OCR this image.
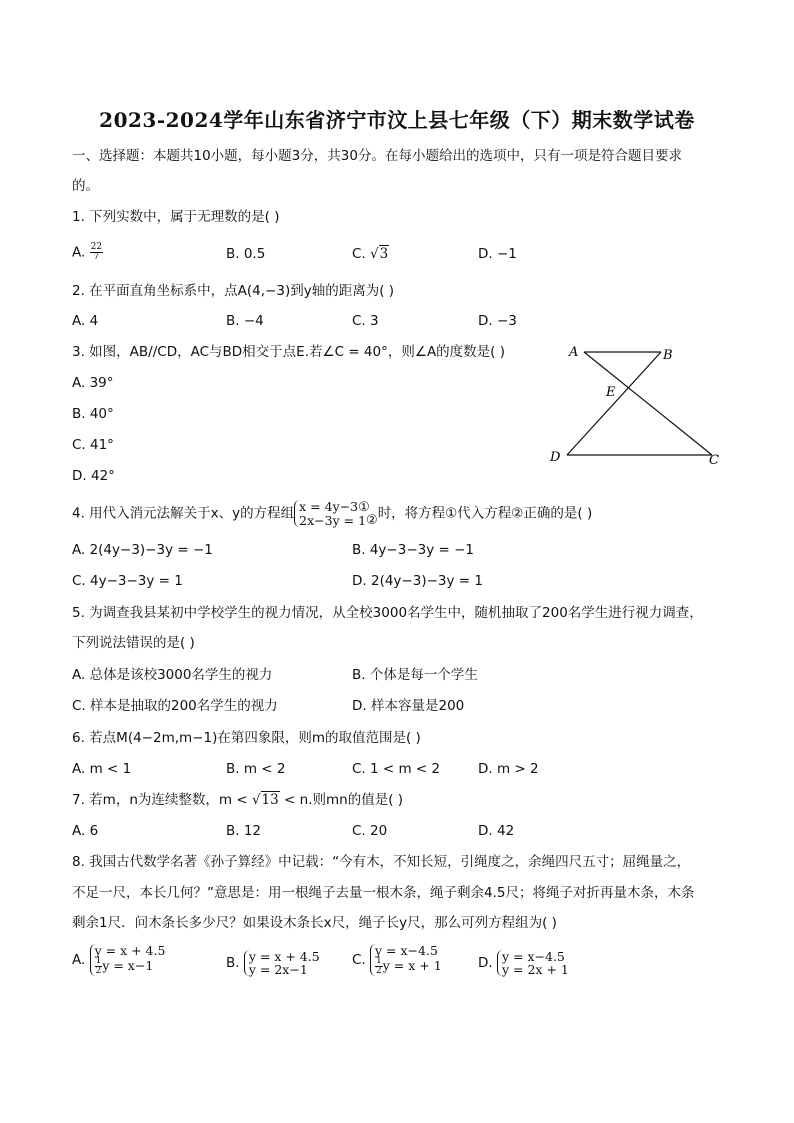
2023-2024学年山东省济宁市汶上县七年级（下）期末数学试卷
一、选择题：本题共10小题，每小题3分，共30分。在每小题给出的选项中，只有一项是符合题目要求
的。
1. 下列实数中，属于无理数的是( )
A. $\frac{22}{7}$	B. 0.5	C. √3	D. −1
2. 在平面直角坐标系中，点A(4,−3)到y轴的距离为( )
A. 4	B. −4	C. 3	D. −3
3. 如图，AB//CD，AC与BD相交于点E.若∠C = 40°，则∠A的度数是( )
A. 39°
B. 40°
C. 41°
D. 42°
A	B
E
D	C
4. 用代入消元法解关于x、y的方程组 x = 4y−3①
2x−3y = 1② 时，将方程①代入方程②正确的是( )
A. 2(4y−3)−3y = −1	B. 4y−3−3y = −1
C. 4y−3−3y = 1	D. 2(4y−3)−3y = 1
5. 为调查我县某初中学校学生的视力情况，从全校3000名学生中，随机抽取了200名学生进行视力调查，
下列说法错误的是( )
A. 总体是该校3000名学生的视力	B. 个体是每一个学生
C. 样本是抽取的200名学生的视力	D. 样本容量是200
6. 若点M(4−2m,m−1)在第四象限，则m的取值范围是( )
A. m < 1	B. m < 2	C. 1 < m < 2	D. m > 2
7. 若m，n为连续整数，m < √13 < n.则mn的值是( )
A. 6	B. 12	C. 20	D. 42
8. 我国古代数学名著《孙子算经》中记载：“今有木，不知长短，引绳度之，余绳四尺五寸；屈绳量之，
不足一尺，本长几何？”意思是：用一根绳子去量一根木条，绳子剩余4.5尺；将绳子对折再量木条，木条
剩余1尺．问木条长多少尺？如果设木条长x尺，绳子长y尺，那么可列方程组为( )
A.
y = x + 4.5
$\frac{1}{2}y = x-1$	B. y = x + 4.5
y = 2x−1
C.
y = x−4.5
$\frac{1}{2}y = x + 1$	D. y = x−4.5
y = 2x + 1
